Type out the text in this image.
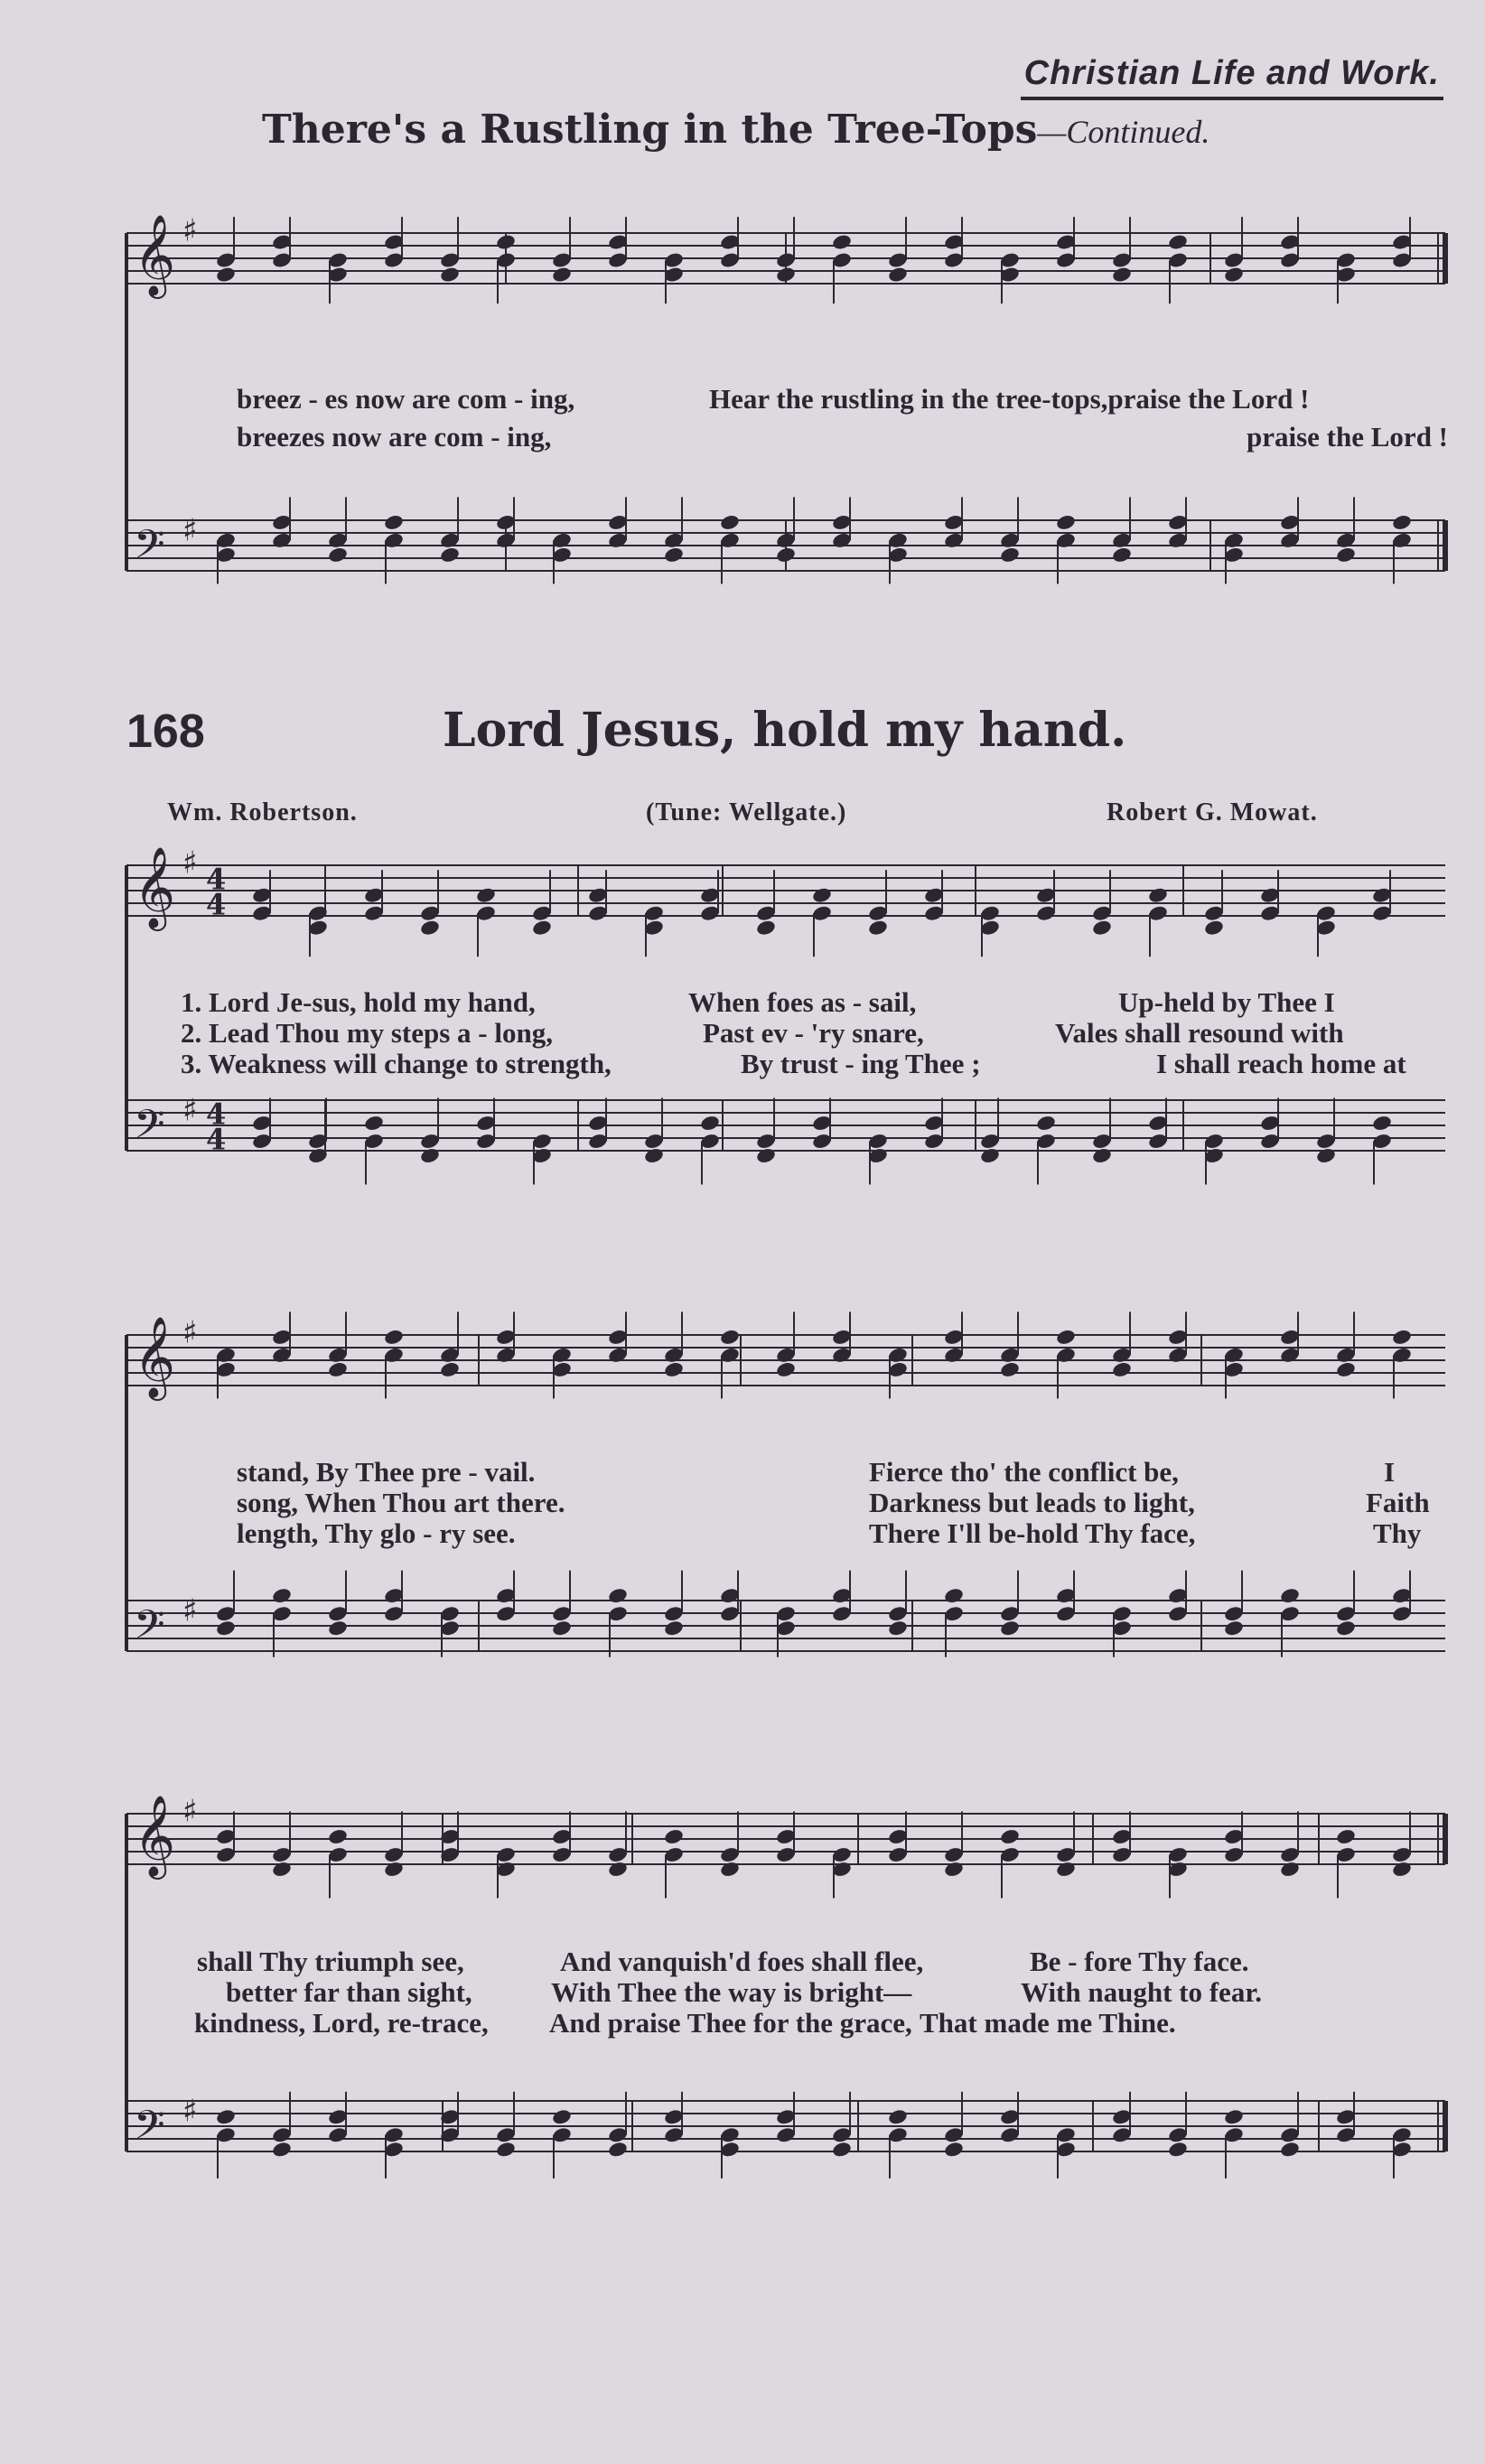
Christian Life and Work.
There's a Rustling in the Tree-Tops—Continued.
168	Lord Jesus, hold my hand.
Wm. Robertson.	(Tune: Wellgate.)	Robert G. Mowat.
breez - es now are com - ing,	Hear the rustling in the tree-tops,praise the Lord !
breezes now are com - ing,	praise the Lord !
1. Lord Je-sus, hold my hand,	When foes as - sail,	Up-held by Thee I
2. Lead Thou my steps a - long,	Past ev - 'ry snare,	Vales shall resound with
3. Weakness will change to strength,	By trust - ing Thee ;	I shall reach home at
stand, By Thee pre - vail.	Fierce tho' the conflict be,	I
song, When Thou art there.	Darkness but leads to light,	Faith
length, Thy glo - ry see.	There I'll be-hold Thy face,	Thy
shall Thy triumph see,	And vanquish'd foes shall flee,	Be - fore Thy face.
better far than sight,	With Thee the way is bright—	With naught to fear.
kindness, Lord, re-trace, And praise Thee for the grace, That made me Thine.
𝄞 ♯
𝄢 ♯
𝄞 ♯ 4
4
𝄢 ♯ 4
4
𝄞 ♯
𝄢 ♯
𝄞 ♯
𝄢 ♯
